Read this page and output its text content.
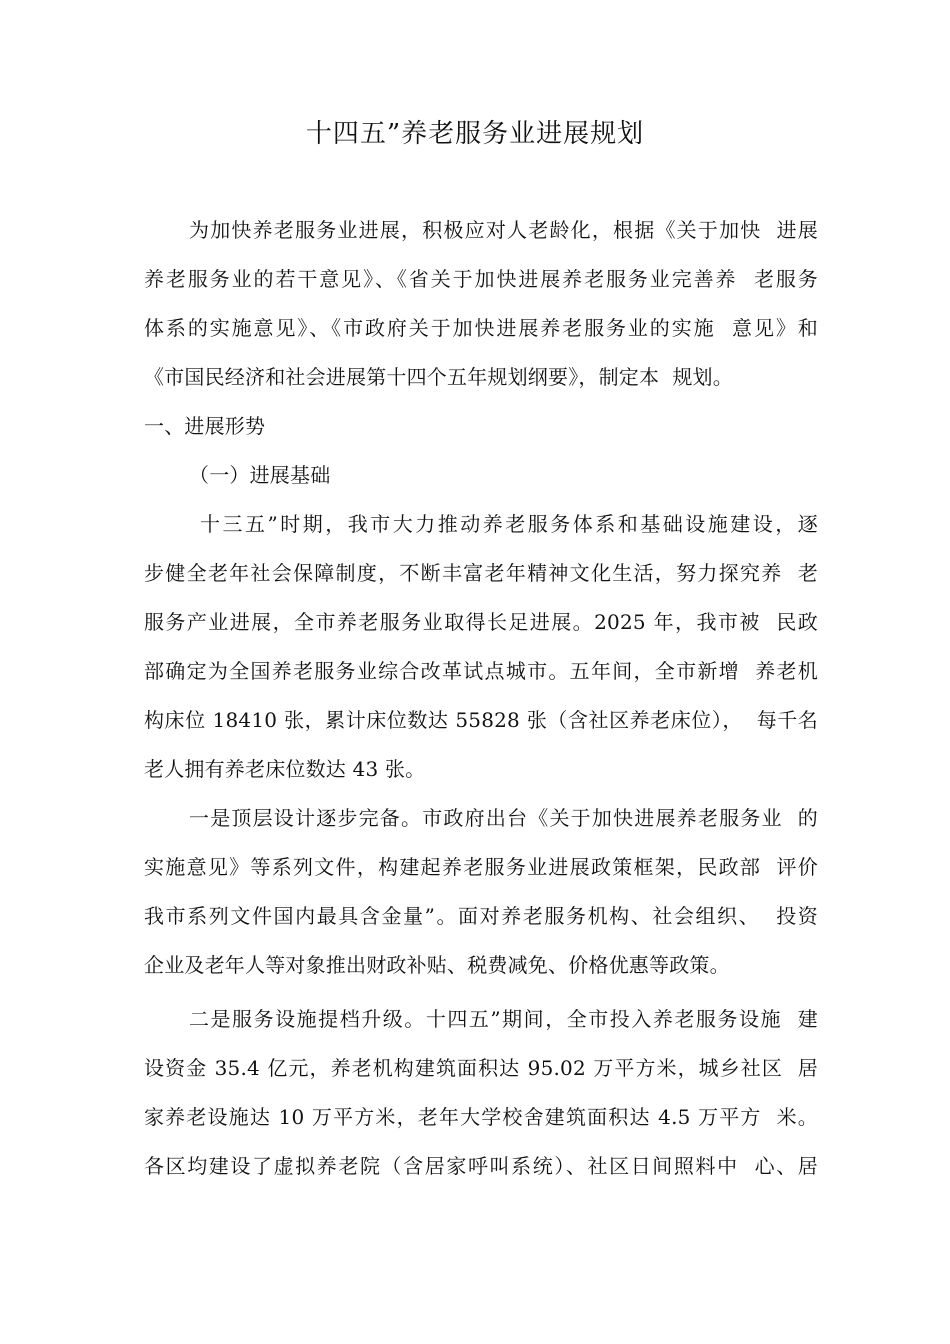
十四五”养老服务业进展规划
为加快养老服务业进展，积极应对人老龄化，根据《关于加快  进展
养老服务业的若干意见》、《省关于加快进展养老服务业完善养  老服务
体系的实施意见》、《市政府关于加快进展养老服务业的实施  意见》和
《市国民经济和社会进展第十四个五年规划纲要》，制定本  规划。
一、进展形势
（一）进展基础
十三五”时期，我市大力推动养老服务体系和基础设施建设，逐
步健全老年社会保障制度，不断丰富老年精神文化生活，努力探究养  老
服务产业进展，全市养老服务业取得长足进展。2025 年，我市被  民政
部确定为全国养老服务业综合改革试点城市。五年间，全市新增  养老机
构床位 18410 张，累计床位数达 55828 张（含社区养老床位），  每千名
老人拥有养老床位数达 43 张。
一是顶层设计逐步完备。市政府出台《关于加快进展养老服务业  的
实施意见》等系列文件，构建起养老服务业进展政策框架，民政部  评价
我市系列文件国内最具含金量”。面对养老服务机构、社会组织、  投资
企业及老年人等对象推出财政补贴、税费减免、价格优惠等政策。
二是服务设施提档升级。十四五”期间，全市投入养老服务设施  建
设资金 35.4 亿元，养老机构建筑面积达 95.02 万平方米，城乡社区  居
家养老设施达 10 万平方米，老年大学校舍建筑面积达 4.5 万平方  米。
各区均建设了虚拟养老院（含居家呼叫系统）、社区日间照料中  心、居
